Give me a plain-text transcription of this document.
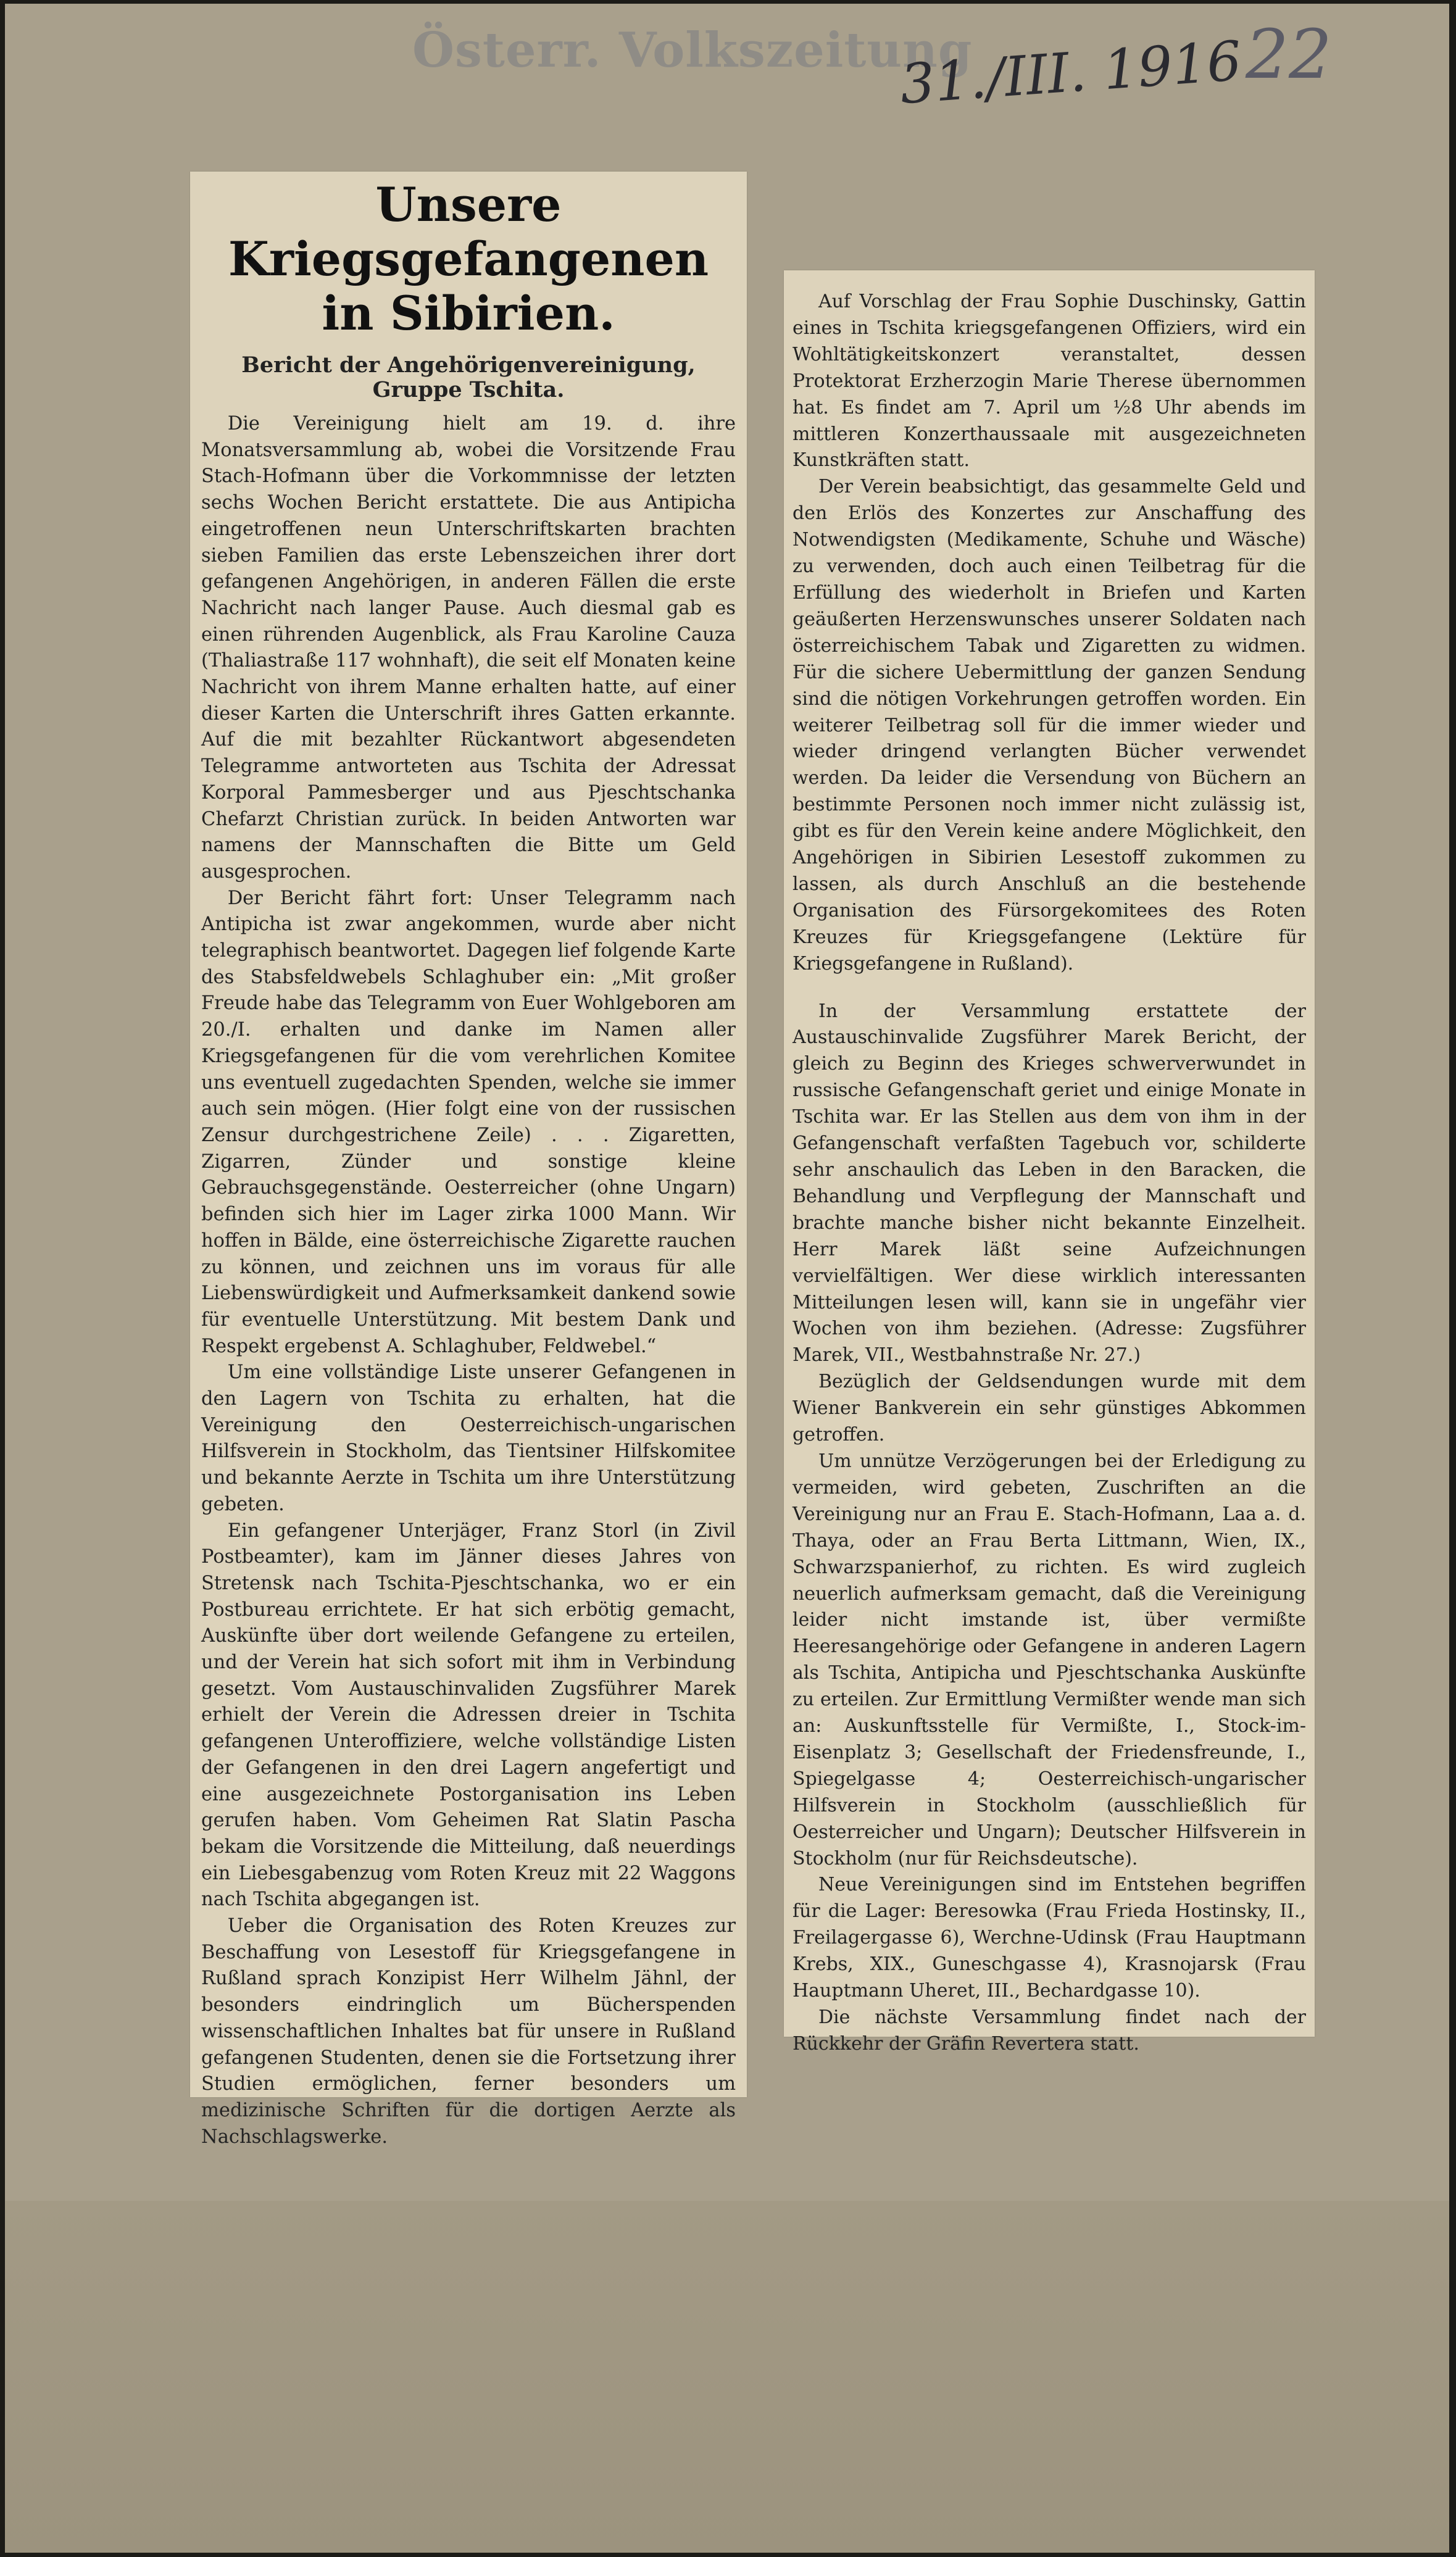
Österr. Volkszeitung
31./III. 1916 22
Unsere Kriegsgefangenen in Sibirien.
Bericht der Angehörigenvereinigung, Gruppe Tschita.

Die Vereinigung hielt am 19. d. ihre Monatsversammlung ab, wobei die Vorsitzende Frau Stach-Hofmann über die Vorkommnisse der letzten sechs Wochen Bericht erstattete. Die aus Antipicha eingetroffenen neun Unterschriftskarten brachten sieben Familien das erste Lebenszeichen ihrer dort gefangenen Angehörigen, in anderen Fällen die erste Nachricht nach langer Pause. Auch diesmal gab es einen rührenden Augenblick, als Frau Karoline Cauza (Thaliastraße 117 wohnhaft), die seit elf Monaten keine Nachricht von ihrem Manne erhalten hatte, auf einer dieser Karten die Unterschrift ihres Gatten erkannte. Auf die mit bezahlter Rückantwort abgesendeten Telegramme antworteten aus Tschita der Adressat Korporal Pammesberger und aus Pjeschtschanka Chefarzt Christian zurück. In beiden Antworten war namens der Mannschaften die Bitte um Geld ausgesprochen.

Der Bericht fährt fort: Unser Telegramm nach Antipicha ist zwar angekommen, wurde aber nicht telegraphisch beantwortet. Dagegen lief folgende Karte des Stabsfeldwebels Schlaghuber ein: „Mit großer Freude habe das Telegramm von Euer Wohlgeboren am 20./I. erhalten und danke im Namen aller Kriegsgefangenen für die vom verehrlichen Komitee uns eventuell zugedachten Spenden, welche sie immer auch sein mögen. (Hier folgt eine von der russischen Zensur durchgestrichene Zeile) . . . Zigaretten, Zigarren, Zünder und sonstige kleine Gebrauchsgegenstände. Oesterreicher (ohne Ungarn) befinden sich hier im Lager zirka 1000 Mann. Wir hoffen in Bälde, eine österreichische Zigarette rauchen zu können, und zeichnen uns im voraus für alle Liebenswürdigkeit und Aufmerksamkeit dankend sowie für eventuelle Unterstützung. Mit bestem Dank und Respekt ergebenst A. Schlaghuber, Feldwebel.“

Um eine vollständige Liste unserer Gefangenen in den Lagern von Tschita zu erhalten, hat die Vereinigung den Oesterreichisch-ungarischen Hilfsverein in Stockholm, das Tientsiner Hilfskomitee und bekannte Aerzte in Tschita um ihre Unterstützung gebeten.

Ein gefangener Unterjäger, Franz Storl (in Zivil Postbeamter), kam im Jänner dieses Jahres von Stretensk nach Tschita-Pjeschtschanka, wo er ein Postbureau errichtete. Er hat sich erbötig gemacht, Auskünfte über dort weilende Gefangene zu erteilen, und der Verein hat sich sofort mit ihm in Verbindung gesetzt. Vom Austauschinvaliden Zugsführer Marek erhielt der Verein die Adressen dreier in Tschita gefangenen Unteroffiziere, welche vollständige Listen der Gefangenen in den drei Lagern angefertigt und eine ausgezeichnete Postorganisation ins Leben gerufen haben. Vom Geheimen Rat Slatin Pascha bekam die Vorsitzende die Mitteilung, daß neuerdings ein Liebesgabenzug vom Roten Kreuz mit 22 Waggons nach Tschita abgegangen ist.

Ueber die Organisation des Roten Kreuzes zur Beschaffung von Lesestoff für Kriegsgefangene in Rußland sprach Konzipist Herr Wilhelm Jähnl, der besonders eindringlich um Bücherspenden wissenschaftlichen Inhaltes bat für unsere in Rußland gefangenen Studenten, denen sie die Fortsetzung ihrer Studien ermöglichen, ferner besonders um medizinische Schriften für die dortigen Aerzte als Nachschlagswerke.

Auf Vorschlag der Frau Sophie Duschinsky, Gattin eines in Tschita kriegsgefangenen Offiziers, wird ein Wohltätigkeitskonzert veranstaltet, dessen Protektorat Erzherzogin Marie Therese übernommen hat. Es findet am 7. April um ½8 Uhr abends im mittleren Konzerthaussaale mit ausgezeichneten Kunstkräften statt.

Der Verein beabsichtigt, das gesammelte Geld und den Erlös des Konzertes zur Anschaffung des Notwendigsten (Medikamente, Schuhe und Wäsche) zu verwenden, doch auch einen Teilbetrag für die Erfüllung des wiederholt in Briefen und Karten geäußerten Herzenswunsches unserer Soldaten nach österreichischem Tabak und Zigaretten zu widmen. Für die sichere Uebermittlung der ganzen Sendung sind die nötigen Vorkehrungen getroffen worden. Ein weiterer Teilbetrag soll für die immer wieder und wieder dringend verlangten Bücher verwendet werden. Da leider die Versendung von Büchern an bestimmte Personen noch immer nicht zulässig ist, gibt es für den Verein keine andere Möglichkeit, den Angehörigen in Sibirien Lesestoff zukommen zu lassen, als durch Anschluß an die bestehende Organisation des Fürsorgekomitees des Roten Kreuzes für Kriegsgefangene (Lektüre für Kriegsgefangene in Rußland).

In der Versammlung erstattete der Austauschinvalide Zugsführer Marek Bericht, der gleich zu Beginn des Krieges schwerverwundet in russische Gefangenschaft geriet und einige Monate in Tschita war. Er las Stellen aus dem von ihm in der Gefangenschaft verfaßten Tagebuch vor, schilderte sehr anschaulich das Leben in den Baracken, die Behandlung und Verpflegung der Mannschaft und brachte manche bisher nicht bekannte Einzelheit. Herr Marek läßt seine Aufzeichnungen vervielfältigen. Wer diese wirklich interessanten Mitteilungen lesen will, kann sie in ungefähr vier Wochen von ihm beziehen. (Adresse: Zugsführer Marek, VII., Westbahnstraße Nr. 27.)

Bezüglich der Geldsendungen wurde mit dem Wiener Bankverein ein sehr günstiges Abkommen getroffen.

Um unnütze Verzögerungen bei der Erledigung zu vermeiden, wird gebeten, Zuschriften an die Vereinigung nur an Frau E. Stach-Hofmann, Laa a. d. Thaya, oder an Frau Berta Littmann, Wien, IX., Schwarzspanierhof, zu richten. Es wird zugleich neuerlich aufmerksam gemacht, daß die Vereinigung leider nicht imstande ist, über vermißte Heeresangehörige oder Gefangene in anderen Lagern als Tschita, Antipicha und Pjeschtschanka Auskünfte zu erteilen. Zur Ermittlung Vermißter wende man sich an: Auskunftsstelle für Vermißte, I., Stock-im-Eisenplatz 3; Gesellschaft der Friedensfreunde, I., Spiegelgasse 4; Oesterreichisch-ungarischer Hilfsverein in Stockholm (ausschließlich für Oesterreicher und Ungarn); Deutscher Hilfsverein in Stockholm (nur für Reichsdeutsche).

Neue Vereinigungen sind im Entstehen begriffen für die Lager: Beresowka (Frau Frieda Hostinsky, II., Freilagergasse 6), Werchne-Udinsk (Frau Hauptmann Krebs, XIX., Guneschgasse 4), Krasnojarsk (Frau Hauptmann Uheret, III., Bechardgasse 10).

Die nächste Versammlung findet nach der Rückkehr der Gräfin Revertera statt.
